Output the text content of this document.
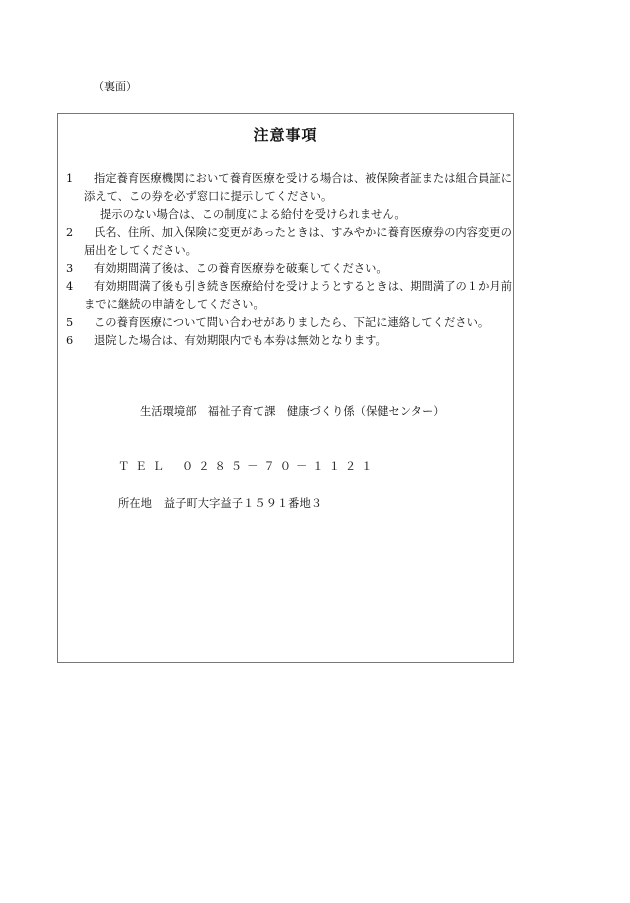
（裏面）
注意事項
1	指定養育医療機関において養育医療を受ける場合は、被保険者証または組合員証に添えて、この券を必ず窓口に提示してください。
提示のない場合は、この制度による給付を受けられません。
2	氏名、住所、加入保険に変更があったときは、すみやかに養育医療券の内容変更の届出をしてください。
3	有効期間満了後は、この養育医療券を破棄してください。
4	有効期間満了後も引き続き医療給付を受けようとするときは、期間満了の１か月前までに継続の申請をしてください。
5	この養育医療について問い合わせがありましたら、下記に連絡してください。
6	退院した場合は、有効期限内でも本券は無効となります。
生活環境部　福祉子育て課　健康づくり係（保健センター）
ＴＥＬ ０２８５－７０－１１２１
所在地 益子町大字益子１５９１番地３
